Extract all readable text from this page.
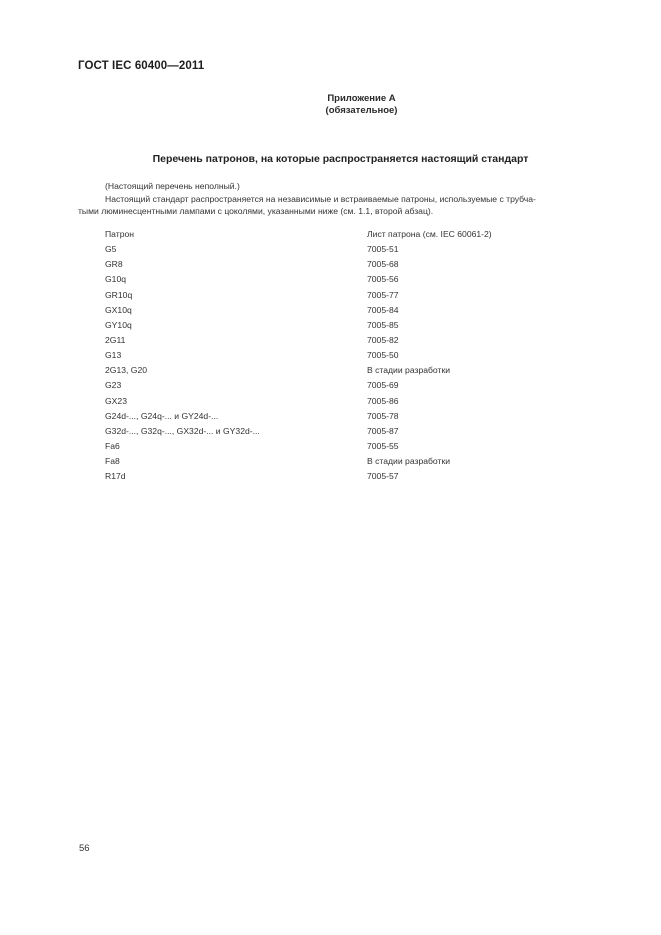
ГОСТ IEC 60400—2011
Приложение А
(обязательное)
Перечень патронов, на которые распространяется настоящий стандарт
(Настоящий перечень неполный.)
Настоящий стандарт распространяется на независимые и встраиваемые патроны, используемые с трубча-
тыми люминесцентными лампами с цоколями, указанными ниже (см. 1.1, второй абзац).
Патрон	Лист патрона (см. IEC 60061-2)
G5	7005-51
GR8	7005-68
G10q	7005-56
GR10q	7005-77
GX10q	7005-84
GY10q	7005-85
2G11	7005-82
G13	7005-50
2G13, G20	В стадии разработки
G23	7005-69
GX23	7005-86
G24d-..., G24q-... и GY24d-...	7005-78
G32d-..., G32q-..., GX32d-... и GY32d-...	7005-87
Fa6	7005-55
Fa8	В стадии разработки
R17d	7005-57
56
